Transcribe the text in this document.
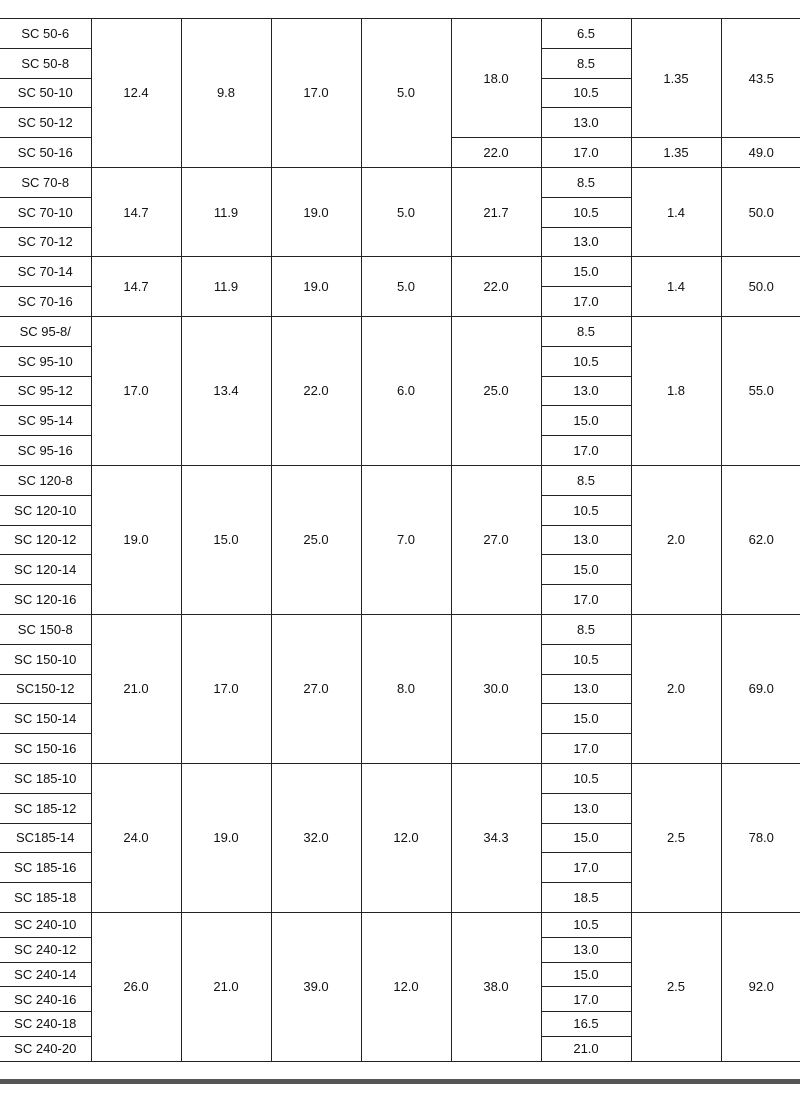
SC 50-6	12.4	9.8	17.0	5.0	18.0	6.5	1.35	43.5
SC 50-8						8.5		
SC 50-10						10.5		
SC 50-12						13.0		
SC 50-16					22.0	17.0	1.35	49.0
SC 70-8	14.7	11.9	19.0	5.0	21.7	8.5	1.4	50.0
SC 70-10						10.5		
SC 70-12						13.0		
SC 70-14	14.7	11.9	19.0	5.0	22.0	15.0	1.4	50.0
SC 70-16						17.0		
SC 95-8/	17.0	13.4	22.0	6.0	25.0	8.5	1.8	55.0
SC 95-10						10.5		
SC 95-12						13.0		
SC 95-14						15.0		
SC 95-16						17.0		
SC 120-8	19.0	15.0	25.0	7.0	27.0	8.5	2.0	62.0
SC 120-10						10.5		
SC 120-12						13.0		
SC 120-14						15.0		
SC 120-16						17.0		
SC 150-8	21.0	17.0	27.0	8.0	30.0	8.5	2.0	69.0
SC 150-10						10.5		
SC150-12						13.0		
SC 150-14						15.0		
SC 150-16						17.0		
SC 185-10	24.0	19.0	32.0	12.0	34.3	10.5	2.5	78.0
SC 185-12						13.0		
SC185-14						15.0		
SC 185-16						17.0		
SC 185-18						18.5		
SC 240-10	26.0	21.0	39.0	12.0	38.0	10.5	2.5	92.0
SC 240-12						13.0		
SC 240-14						15.0		
SC 240-16						17.0		
SC 240-18						16.5		
SC 240-20						21.0		
